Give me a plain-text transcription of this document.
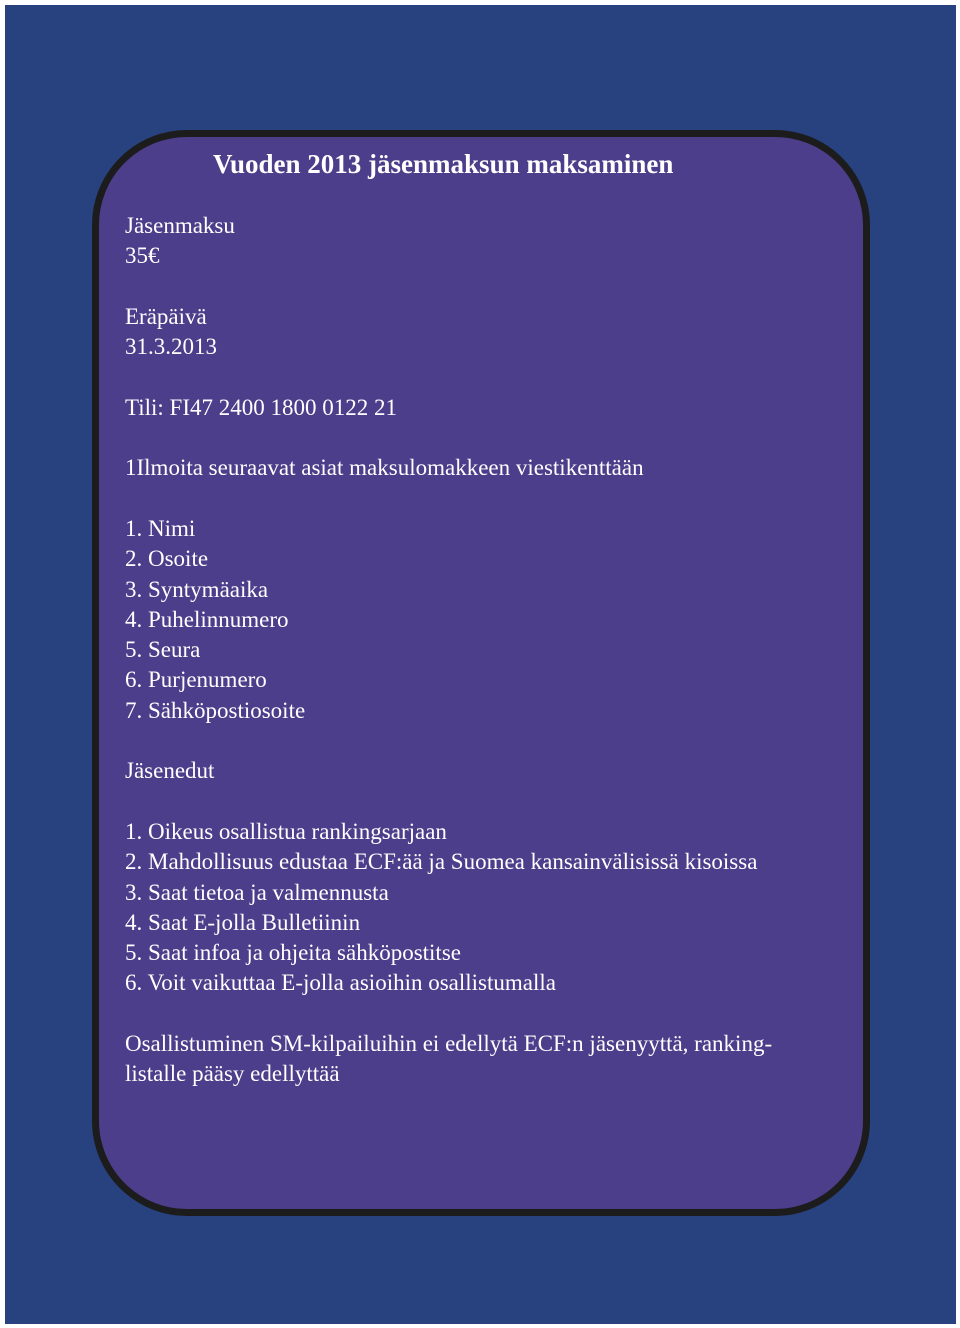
Vuoden 2013 jäsenmaksun maksaminen

Jäsenmaksu

35€

Eräpäivä

31.3.2013

Tili: FI47 2400 1800 0122 21

1Ilmoita seuraavat asiat maksulomakkeen viestikenttään

1. Nimi
2. Osoite
3. Syntymäaika
4. Puhelinnumero
5. Seura
6. Purjenumero
7. Sähköpostiosoite

Jäsenedut

1. Oikeus osallistua rankingsarjaan
2. Mahdollisuus edustaa ECF:ää ja Suomea kansainvälisissä kisoissa
3. Saat tietoa ja valmennusta
4. Saat E-jolla Bulletiinin
5. Saat infoa ja ohjeita sähköpostitse
6. Voit vaikuttaa E-jolla asioihin osallistumalla

Osallistuminen SM-kilpailuihin ei edellytä ECF:n jäsenyyttä, ranking-

listalle pääsy edellyttää
